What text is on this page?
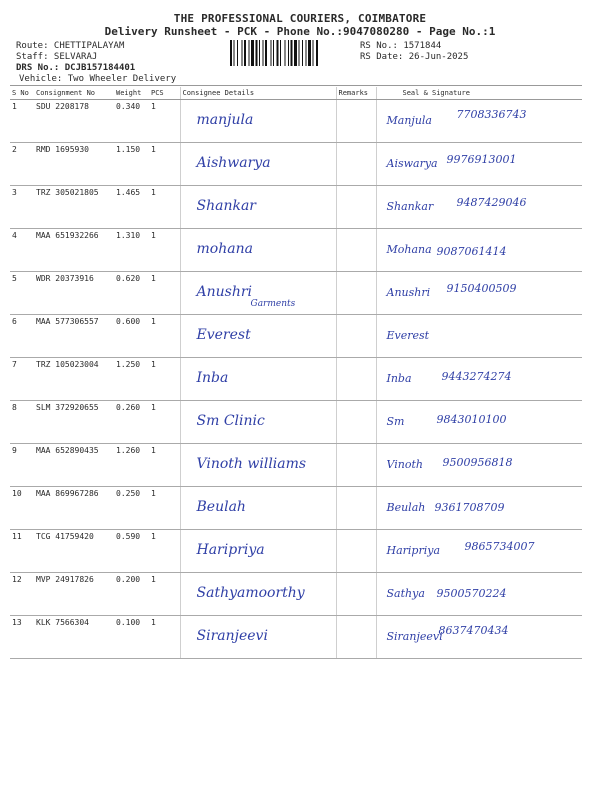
THE PROFESSIONAL COURIERS, COIMBATORE
Delivery Runsheet - PCK - Phone No.:9047080280 - Page No.:1
Route: CHETTIPALAYAM
Staff: SELVARAJ
DRS No.: DCJB157184401
Vehicle: Two Wheeler Delivery
RS No.: 1571844
RS Date: 26-Jun-2025
S No	Consignment No	Weight	PCS	Consignee Details	Remarks	Seal & Signature
1	SDU 2208178	0.340	1	manjula		Manjula 7708336743

2	RMD 1695930	1.150	1	Aishwarya		Aiswarya 9976913001

3	TRZ 305021805	1.465	1	Shankar		Shankar 9487429046

4	MAA 651932266	1.310	1	mohana		Mohana 9087061414

5	WDR 20373916	0.620	1	Anushri
Garments		Anushri 9150400509

6	MAA 577306557	0.600	1	Everest		Everest

7	TRZ 105023004	1.250	1	Inba		Inba 9443274274

8	SLM 372920655	0.260	1	Sm Clinic		Sm 9843010100

9	MAA 652890435	1.260	1	Vinoth williams		Vinoth 9500956818

10	MAA 869967286	0.250	1	Beulah		Beulah 9361708709

11	TCG 41759420	0.590	1	Haripriya		Haripriya 9865734007

12	MVP 24917826	0.200	1	Sathyamoorthy		Sathya 9500570224

13	KLK 7566304	0.100	1	Siranjeevi		Siranjeevi
8637470434
